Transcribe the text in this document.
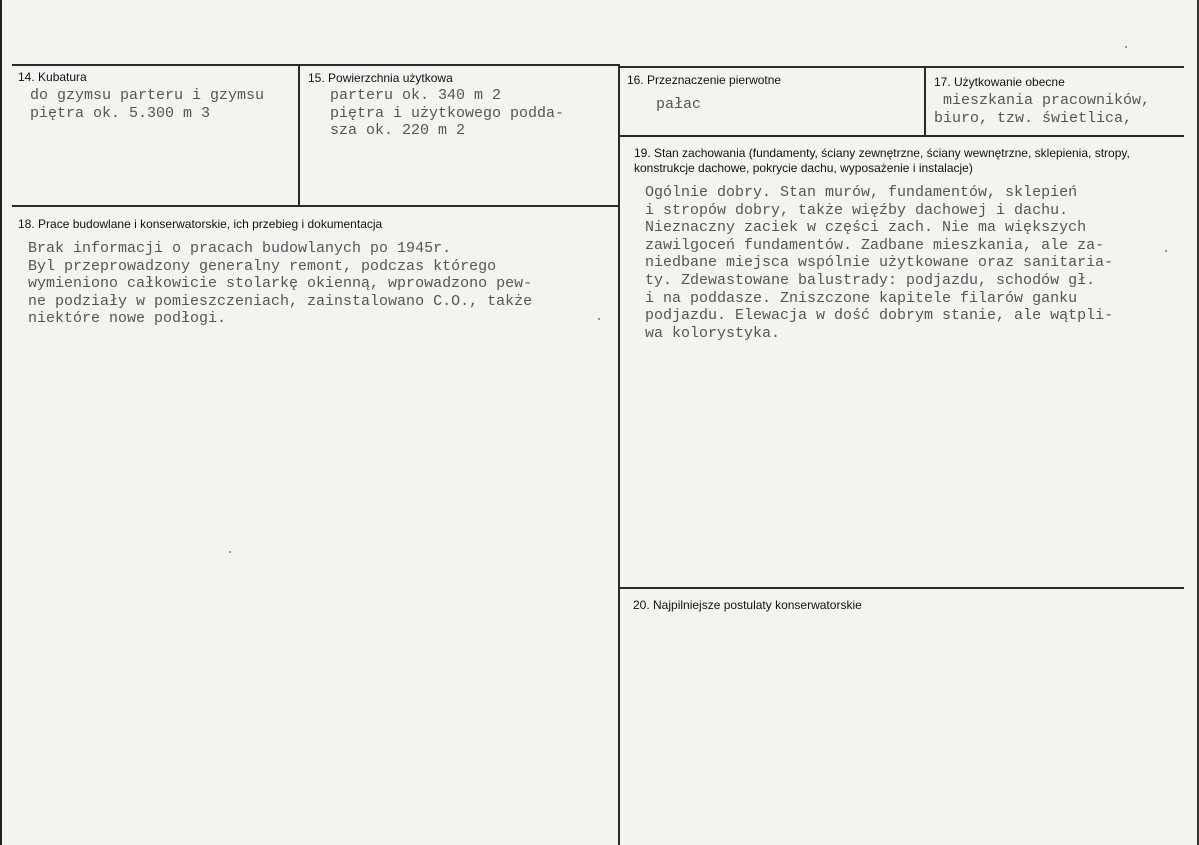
14. Kubatura
do gzymsu parteru i gzymsu
piętra ok. 5.300 m 3
15. Powierzchnia użytkowa
parteru ok. 340 m 2
piętra i użytkowego podda-
sza ok. 220 m 2
16. Przeznaczenie pierwotne
pałac
17. Użytkowanie obecne
mieszkania pracowników,
biuro, tzw. świetlica,
18. Prace budowlane i konserwatorskie, ich przebieg i dokumentacja
Brak informacji o pracach budowlanych po 1945r.
Byl przeprowadzony generalny remont, podczas którego
wymieniono całkowicie stolarkę okienną, wprowadzono pew-
ne podziały w pomieszczeniach, zainstalowano C.O., także
niektóre nowe podłogi.
19. Stan zachowania (fundamenty, ściany zewnętrzne, ściany wewnętrzne, sklepienia, stropy, konstrukcje dachowe, pokrycie dachu, wyposażenie i instalacje)
Ogólnie dobry. Stan murów, fundamentów, sklepień
i stropów dobry, także więźby dachowej i dachu.
Nieznaczny zaciek w części zach. Nie ma większych
zawilgoceń fundamentów. Zadbane mieszkania, ale za-
niedbane miejsca wspólnie użytkowane oraz sanitaria-
ty. Zdewastowane balustrady: podjazdu, schodów gł.
i na poddasze. Zniszczone kapitele filarów ganku
podjazdu. Elewacja w dość dobrym stanie, ale wątpli-
wa kolorystyka.
20. Najpilniejsze postulaty konserwatorskie
